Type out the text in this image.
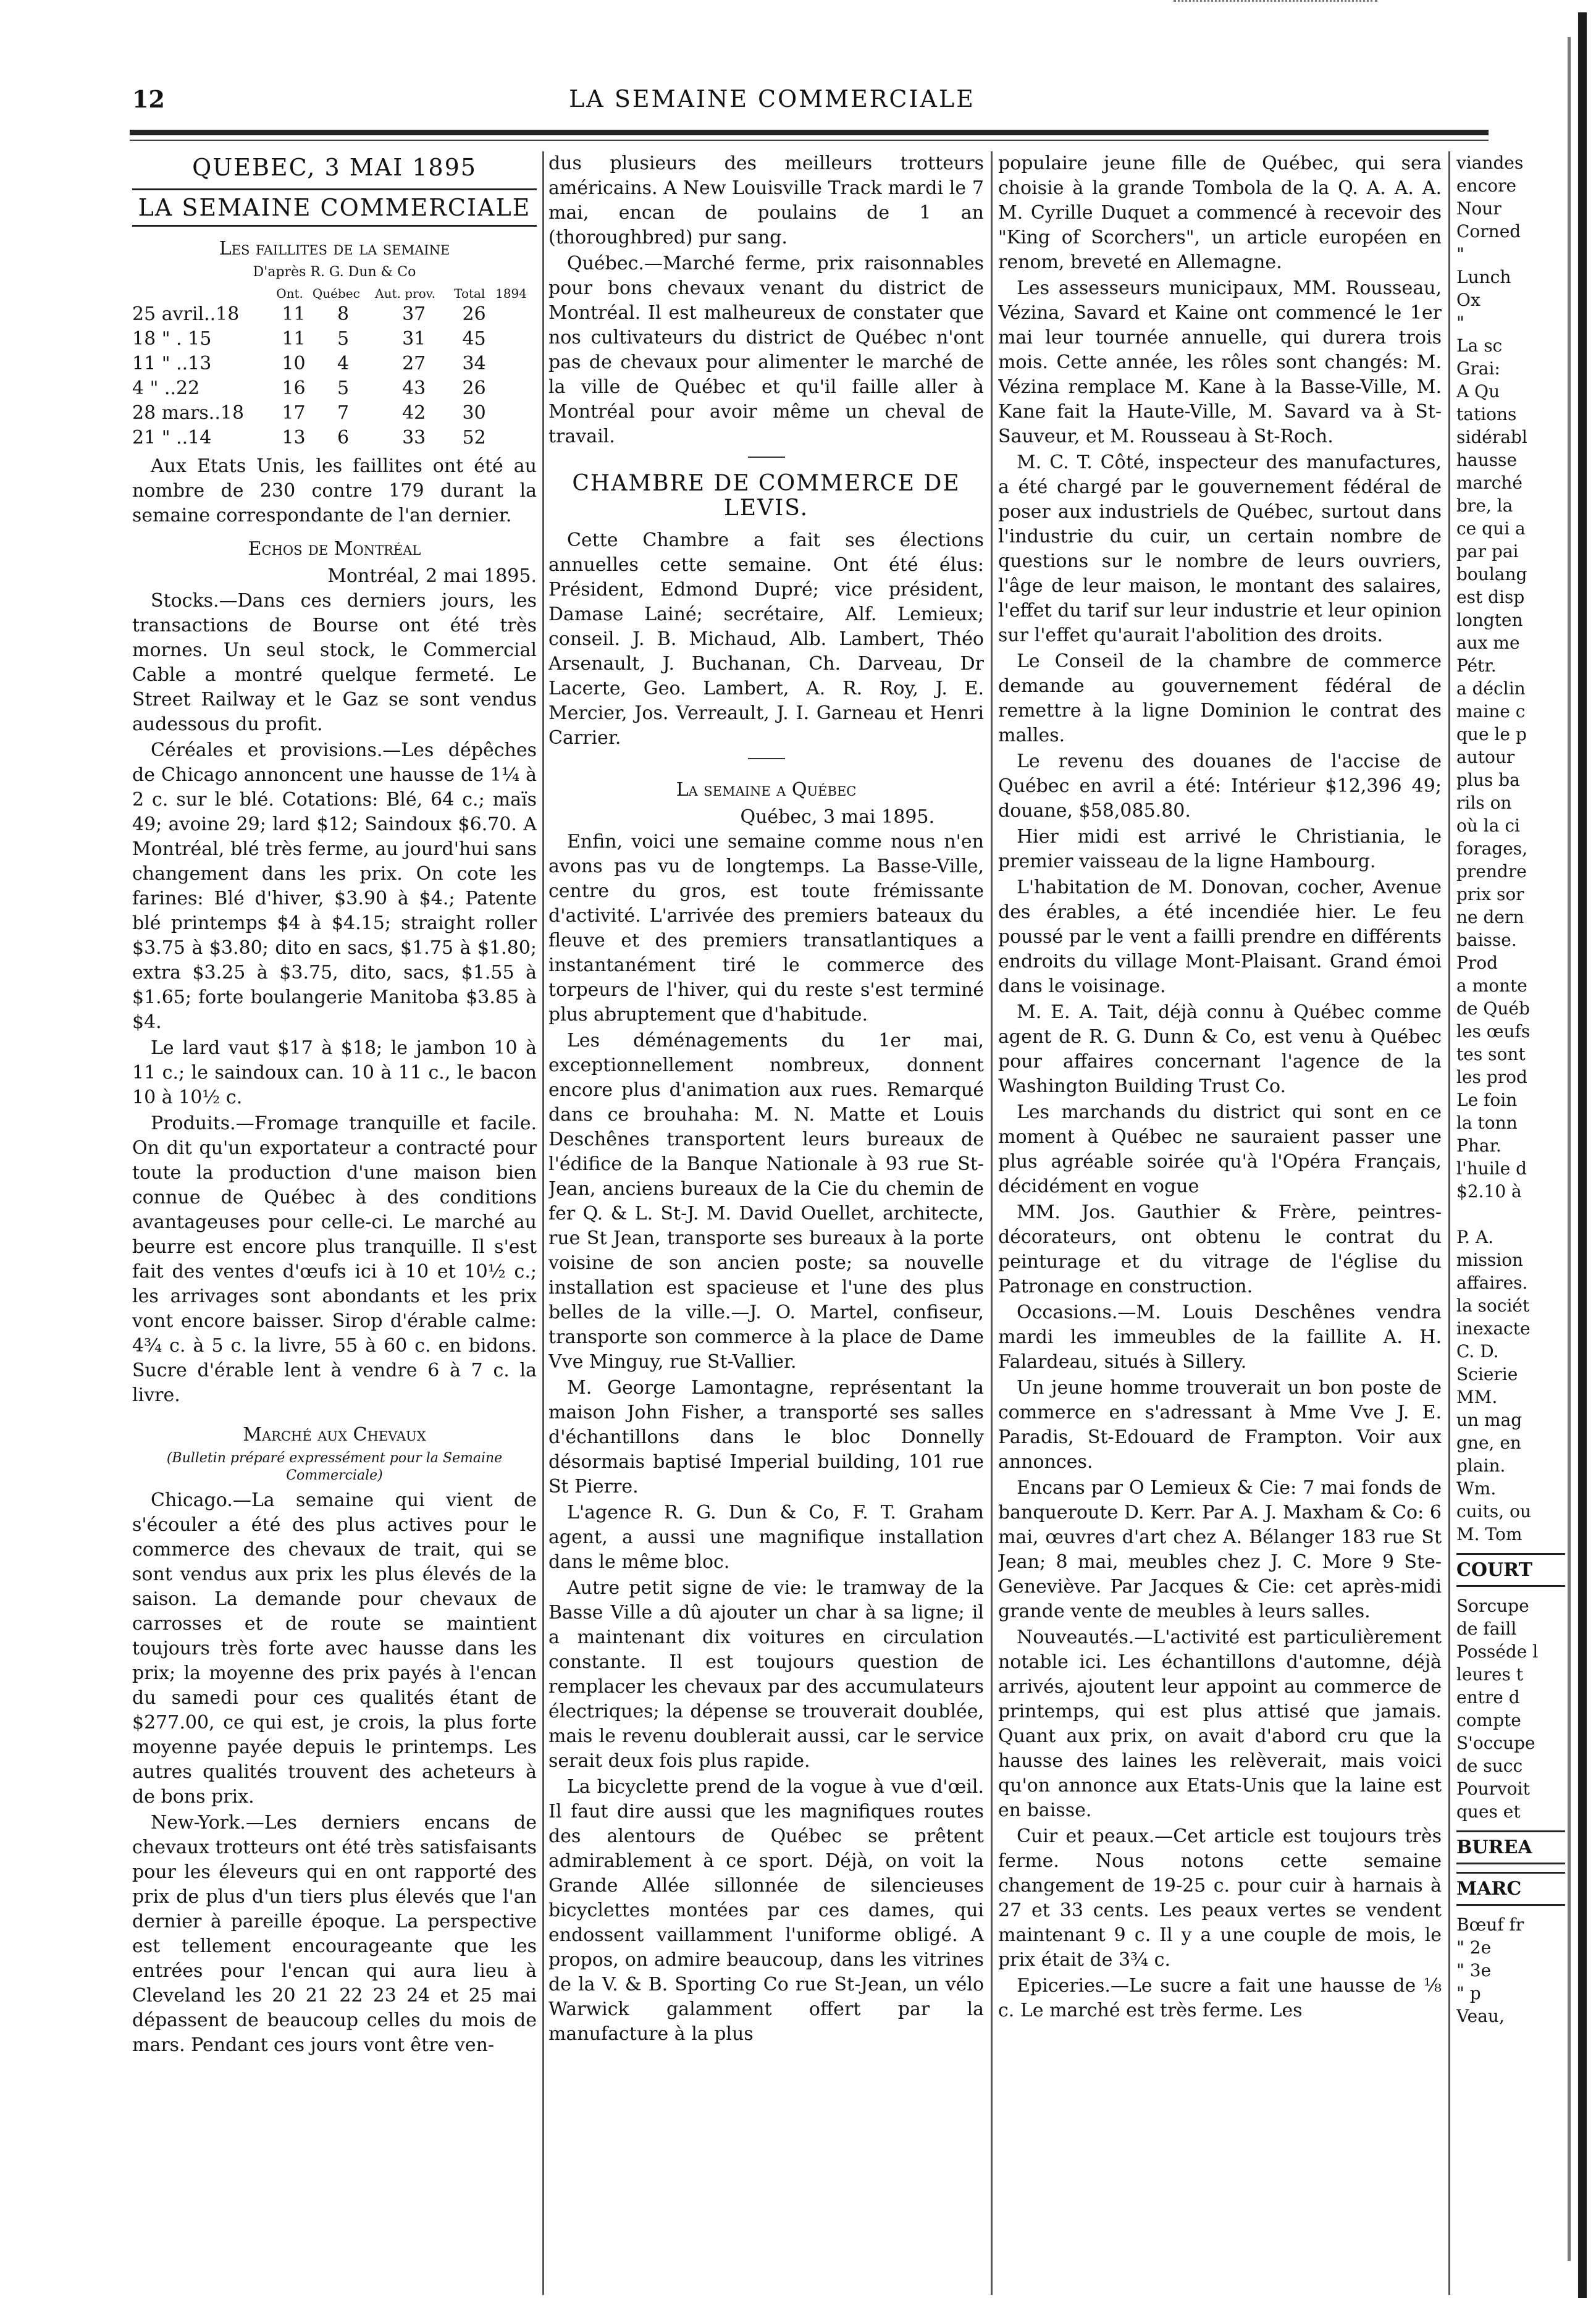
12	LA SEMAINE COMMERCIALE
QUEBEC, 3 MAI 1895
LA SEMAINE COMMERCIALE
Les faillites de la semaine
D'après R. G. Dun & Co
	Ont.	Québec	Aut. prov.	Total	1894
25 avril..18	11	8	37	26	
18 " . 15	11	5	31	45	
11 " ..13	10	4	27	34	
4 " ..22	16	5	43	26	
28 mars..18	17	7	42	30	
21 " ..14	13	6	33	52	

Aux Etats Unis, les faillites ont été au nombre de 230 contre 179 durant la semaine correspondante de l'an dernier.

Echos de Montréal
Montréal, 2 mai 1895.

Stocks.—Dans ces derniers jours, les transactions de Bourse ont été très mornes. Un seul stock, le Commercial Cable a montré quelque fermeté. Le Street Railway et le Gaz se sont vendus audessous du profit.

Céréales et provisions.—Les dépêches de Chicago annoncent une hausse de 1¼ à 2 c. sur le blé. Cotations: Blé, 64 c.; maïs 49; avoine 29; lard $12; Saindoux $6.70. A Montréal, blé très ferme, au jourd'hui sans changement dans les prix. On cote les farines: Blé d'hiver, $3.90 à $4.; Patente blé printemps $4 à $4.15; straight roller $3.75 à $3.80; dito en sacs, $1.75 à $1.80; extra $3.25 à $3.75, dito, sacs, $1.55 à $1.65; forte boulangerie Manitoba $3.85 à $4.

Le lard vaut $17 à $18; le jambon 10 à 11 c.; le saindoux can. 10 à 11 c., le bacon 10 à 10½ c.

Produits.—Fromage tranquille et facile. On dit qu'un exportateur a contracté pour toute la production d'une maison bien connue de Québec à des conditions avantageuses pour celle-ci. Le marché au beurre est encore plus tranquille. Il s'est fait des ventes d'œufs ici à 10 et 10½ c.; les arrivages sont abondants et les prix vont encore baisser. Sirop d'érable calme: 4¾ c. à 5 c. la livre, 55 à 60 c. en bidons. Sucre d'érable lent à vendre 6 à 7 c. la livre.

Marché aux Chevaux
(Bulletin préparé expressément pour la Semaine Commerciale)

Chicago.—La semaine qui vient de s'écouler a été des plus actives pour le commerce des chevaux de trait, qui se sont vendus aux prix les plus élevés de la saison. La demande pour chevaux de carrosses et de route se maintient toujours très forte avec hausse dans les prix; la moyenne des prix payés à l'encan du samedi pour ces qualités étant de $277.00, ce qui est, je crois, la plus forte moyenne payée depuis le printemps. Les autres qualités trouvent des acheteurs à de bons prix.

New-York.—Les derniers encans de chevaux trotteurs ont été très satisfaisants pour les éleveurs qui en ont rapporté des prix de plus d'un tiers plus élevés que l'an dernier à pareille époque. La perspective est tellement encourageante que les entrées pour l'encan qui aura lieu à Cleveland les 20 21 22 23 24 et 25 mai dépassent de beaucoup celles du mois de mars. Pendant ces jours vont être ven-

dus plusieurs des meilleurs trotteurs américains. A New Louisville Track mardi le 7 mai, encan de poulains de 1 an (thoroughbred) pur sang.

Québec.—Marché ferme, prix raisonnables pour bons chevaux venant du district de Montréal. Il est malheureux de constater que nos cultivateurs du district de Québec n'ont pas de chevaux pour alimenter le marché de la ville de Québec et qu'il faille aller à Montréal pour avoir même un cheval de travail.

CHAMBRE DE COMMERCE DE LEVIS.

Cette Chambre a fait ses élections annuelles cette semaine. Ont été élus: Président, Edmond Dupré; vice président, Damase Lainé; secrétaire, Alf. Lemieux; conseil. J. B. Michaud, Alb. Lambert, Théo Arsenault, J. Buchanan, Ch. Darveau, Dr Lacerte, Geo. Lambert, A. R. Roy, J. E. Mercier, Jos. Verreault, J. I. Garneau et Henri Carrier.

La semaine a Québec
Québec, 3 mai 1895.

Enfin, voici une semaine comme nous n'en avons pas vu de longtemps. La Basse-Ville, centre du gros, est toute frémissante d'activité. L'arrivée des premiers bateaux du fleuve et des premiers transatlantiques a instantanément tiré le commerce des torpeurs de l'hiver, qui du reste s'est terminé plus abruptement que d'habitude.

Les déménagements du 1er mai, exceptionnellement nombreux, donnent encore plus d'animation aux rues. Remarqué dans ce brouhaha: M. N. Matte et Louis Deschênes transportent leurs bureaux de l'édifice de la Banque Nationale à 93 rue St-Jean, anciens bureaux de la Cie du chemin de fer Q. & L. St-J. M. David Ouellet, architecte, rue St Jean, transporte ses bureaux à la porte voisine de son ancien poste; sa nouvelle installation est spacieuse et l'une des plus belles de la ville.—J. O. Martel, confiseur, transporte son commerce à la place de Dame Vve Minguy, rue St-Vallier.

M. George Lamontagne, représentant la maison John Fisher, a transporté ses salles d'échantillons dans le bloc Donnelly désormais baptisé Imperial building, 101 rue St Pierre.

L'agence R. G. Dun & Co, F. T. Graham agent, a aussi une magnifique installation dans le même bloc.

Autre petit signe de vie: le tramway de la Basse Ville a dû ajouter un char à sa ligne; il a maintenant dix voitures en circulation constante. Il est toujours question de remplacer les chevaux par des accumulateurs électriques; la dépense se trouverait doublée, mais le revenu doublerait aussi, car le service serait deux fois plus rapide.

La bicyclette prend de la vogue à vue d'œil. Il faut dire aussi que les magnifiques routes des alentours de Québec se prêtent admirablement à ce sport. Déjà, on voit la Grande Allée sillonnée de silencieuses bicyclettes montées par ces dames, qui endossent vaillamment l'uniforme obligé. A propos, on admire beaucoup, dans les vitrines de la V. & B. Sporting Co rue St-Jean, un vélo Warwick galamment offert par la manufacture à la plus

populaire jeune fille de Québec, qui sera choisie à la grande Tombola de la Q. A. A. A. M. Cyrille Duquet a commencé à recevoir des "King of Scorchers", un article européen en renom, breveté en Allemagne.

Les assesseurs municipaux, MM. Rousseau, Vézina, Savard et Kaine ont commencé le 1er mai leur tournée annuelle, qui durera trois mois. Cette année, les rôles sont changés: M. Vézina remplace M. Kane à la Basse-Ville, M. Kane fait la Haute-Ville, M. Savard va à St-Sauveur, et M. Rousseau à St-Roch.

M. C. T. Côté, inspecteur des manufactures, a été chargé par le gouvernement fédéral de poser aux industriels de Québec, surtout dans l'industrie du cuir, un certain nombre de questions sur le nombre de leurs ouvriers, l'âge de leur maison, le montant des salaires, l'effet du tarif sur leur industrie et leur opinion sur l'effet qu'aurait l'abolition des droits.

Le Conseil de la chambre de commerce demande au gouvernement fédéral de remettre à la ligne Dominion le contrat des malles.

Le revenu des douanes de l'accise de Québec en avril a été: Intérieur $12,396 49; douane, $58,085.80.

Hier midi est arrivé le Christiania, le premier vaisseau de la ligne Hambourg.

L'habitation de M. Donovan, cocher, Avenue des érables, a été incendiée hier. Le feu poussé par le vent a failli prendre en différents endroits du village Mont-Plaisant. Grand émoi dans le voisinage.

M. E. A. Tait, déjà connu à Québec comme agent de R. G. Dunn & Co, est venu à Québec pour affaires concernant l'agence de la Washington Building Trust Co.

Les marchands du district qui sont en ce moment à Québec ne sauraient passer une plus agréable soirée qu'à l'Opéra Français, décidément en vogue

MM. Jos. Gauthier & Frère, peintres-décorateurs, ont obtenu le contrat du peinturage et du vitrage de l'église du Patronage en construction.

Occasions.—M. Louis Deschênes vendra mardi les immeubles de la faillite A. H. Falardeau, situés à Sillery.

Un jeune homme trouverait un bon poste de commerce en s'adressant à Mme Vve J. E. Paradis, St-Edouard de Frampton. Voir aux annonces.

Encans par O Lemieux & Cie: 7 mai fonds de banqueroute D. Kerr. Par A. J. Maxham & Co: 6 mai, œuvres d'art chez A. Bélanger 183 rue St Jean; 8 mai, meubles chez J. C. More 9 Ste-Geneviève. Par Jacques & Cie: cet après-midi grande vente de meubles à leurs salles.

Nouveautés.—L'activité est particulièrement notable ici. Les échantillons d'automne, déjà arrivés, ajoutent leur appoint au commerce de printemps, qui est plus attisé que jamais. Quant aux prix, on avait d'abord cru que la hausse des laines les relèverait, mais voici qu'on annonce aux Etats-Unis que la laine est en baisse.

Cuir et peaux.—Cet article est toujours très ferme. Nous notons cette semaine changement de 19-25 c. pour cuir à harnais à 27 et 33 cents. Les peaux vertes se vendent maintenant 9 c. Il y a une couple de mois, le prix était de 3¾ c.

Epiceries.—Le sucre a fait une hausse de ⅛ c. Le marché est très ferme. Les

viandes
encore
Nour
Corned
"
Lunch
Ox
"
La sc
Grai:
A Qu
tations
sidérabl
hausse
marché
bre, la
ce qui a
par pai
boulang
est disp
longten
aux me
Pétr.
a déclin
maine c
que le p
autour
plus ba
rils on
où la ci
forages,
prendre
prix sor
ne dern
baisse.
Prod
a monte
de Québ
les œufs
tes sont
les prod
Le foin
la tonn
Phar.
l'huile d
$2.10 à
P. A.
mission
affaires.
la sociét
inexacte
C. D.
Scierie
MM.
un mag
gne, en
plain.
Wm.
cuits, ou
M. Tom
COURT
Sorcupe
de faill
Posséde l
leures t
entre d
compte
S'occupe
de succ
Pourvoit
ques et
BUREA
MARC
Bœuf fr
" 2e
" 3e
" p
Veau,
